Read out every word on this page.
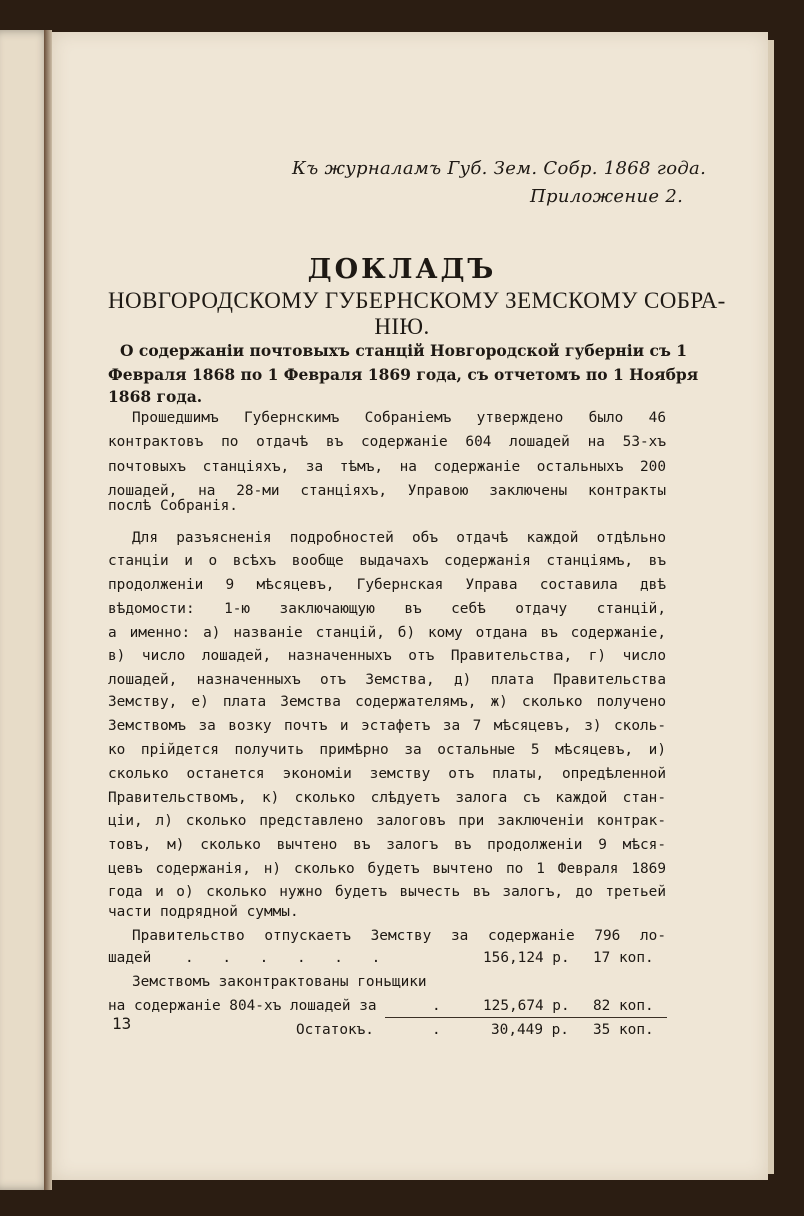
Къ журналамъ Губ. Зем. Собр. 1868 года.
Приложение 2.
ДОКЛАДЪ
НОВГОРОДСКОМУ ГУБЕРНСКОМУ ЗЕМСКОМУ СОБРА-
НІЮ.
О содержаніи почтовыхъ станцій Новгородской губерніи съ 1
Февраля 1868 по 1 Февраля 1869 года, съ отчетомъ по 1 Ноября
1868 года.
Прошедшимъ Губернскимъ Собраніемъ утверждено было 46
контрактовъ по отдачѣ въ содержаніе 604 лошадей на 53-хъ
почтовыхъ станціяхъ, за тѣмъ, на содержаніе остальныхъ 200
лошадей, на 28-ми станціяхъ, Управою заключены контракты
послѣ Собранія.
Для разъясненія подробностей объ отдачѣ каждой отдѣльно
станціи и о всѣхъ вообще выдачахъ содержанія станціямъ, въ
продолженіи 9 мѣсяцевъ, Губернская Управа составила двѣ
вѣдомости: 1-ю заключающую въ себѣ отдачу станцій,
а именно: а) названіе станцій, б) кому отдана въ содержаніе,
в) число лошадей, назначенныхъ отъ Правительства, г) число
лошадей, назначенныхъ отъ Земства, д) плата Правительства
Земству, е) плата Земства содержателямъ, ж) сколько получено
Земствомъ за возку почтъ и эстафетъ за 7 мѣсяцевъ, з) сколь-
ко прійдется получить примѣрно за остальные 5 мѣсяцевъ, и)
сколько останется экономіи земству отъ платы, опредѣленной
Правительствомъ, к) сколько слѣдуетъ залога съ каждой стан-
ціи, л) сколько представлено залоговъ при заключеніи контрак-
товъ, м) сколько вычтено въ залогъ въ продолженіи 9 мѣся-
цевъ содержанія, н) сколько будетъ вычтено по 1 Февраля 1869
года и о) сколько нужно будетъ вычесть въ залогъ, до третьей
части подрядной суммы.
Правительство отпускаетъ Земству за содержаніе 796 ло-
шадей . . . . . .	156,124 р. 17 коп.
Земствомъ законтрактованы гоньщики
на содержаніе 804-хъ лошадей за	.	125,674 р. 82 коп.
13	Остатокъ.	.	30,449 р. 35 коп.
